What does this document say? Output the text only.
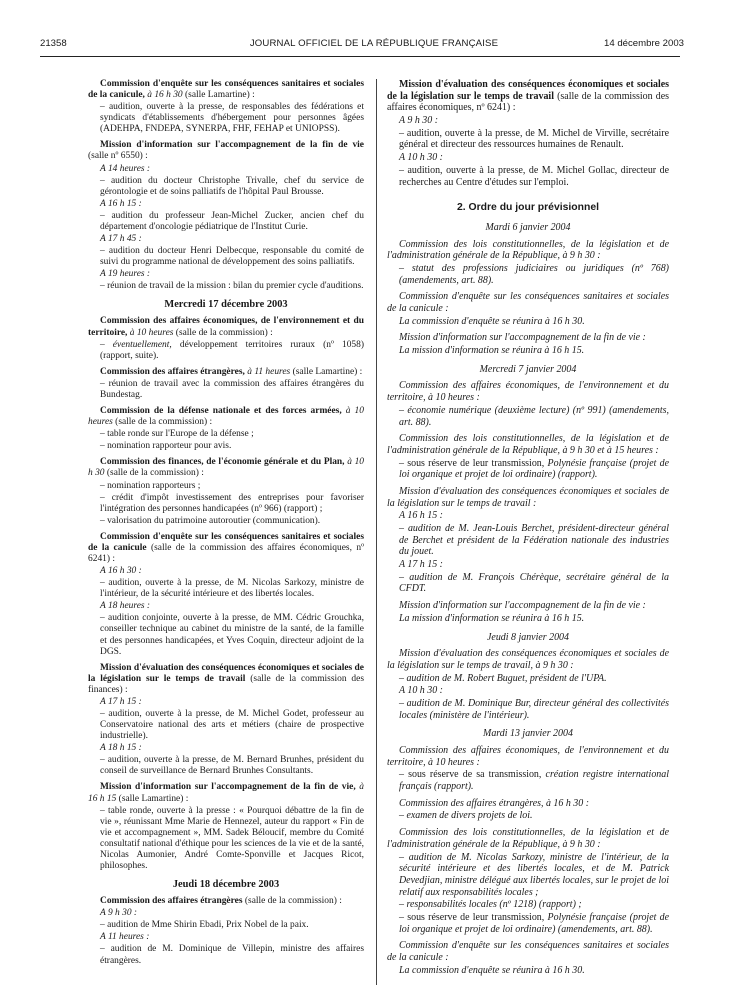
21358	JOURNAL OFFICIEL DE LA RÉPUBLIQUE FRANÇAISE	14 décembre 2003

Commission d'enquête sur les conséquences sanitaires et sociales de la canicule, à 16 h 30 (salle Lamartine) :

– audition, ouverte à la presse, de responsables des fédérations et syndicats d'établissements d'hébergement pour personnes âgées (ADEHPA, FNDEPA, SYNERPA, FHF, FEHAP et UNIOPSS).

Mission d'information sur l'accompagnement de la fin de vie (salle nº 6550) :

A 14 heures :

– audition du docteur Christophe Trivalle, chef du service de gérontologie et de soins palliatifs de l'hôpital Paul Brousse.

A 16 h 15 :

– audition du professeur Jean-Michel Zucker, ancien chef du département d'oncologie pédiatrique de l'Institut Curie.

A 17 h 45 :

– audition du docteur Henri Delbecque, responsable du comité de suivi du programme national de développement des soins palliatifs.

A 19 heures :

– réunion de travail de la mission : bilan du premier cycle d'auditions.

Mercredi 17 décembre 2003

Commission des affaires économiques, de l'environnement et du territoire, à 10 heures (salle de la commission) :

– éventuellement, développement territoires ruraux (nº 1058) (rapport, suite).

Commission des affaires étrangères, à 11 heures (salle Lamartine) :

– réunion de travail avec la commission des affaires étrangères du Bundestag.

Commission de la défense nationale et des forces armées, à 10 heures (salle de la commission) :

– table ronde sur l'Europe de la défense ;

– nomination rapporteur pour avis.

Commission des finances, de l'économie générale et du Plan, à 10 h 30 (salle de la commission) :

– nomination rapporteurs ;

– crédit d'impôt investissement des entreprises pour favoriser l'intégration des personnes handicapées (nº 966) (rapport) ;

– valorisation du patrimoine autoroutier (communication).

Commission d'enquête sur les conséquences sanitaires et sociales de la canicule (salle de la commission des affaires économiques, nº 6241) :

A 16 h 30 :

– audition, ouverte à la presse, de M. Nicolas Sarkozy, ministre de l'intérieur, de la sécurité intérieure et des libertés locales.

A 18 heures :

– audition conjointe, ouverte à la presse, de MM. Cédric Grouchka, conseiller technique au cabinet du ministre de la santé, de la famille et des personnes handicapées, et Yves Coquin, directeur adjoint de la DGS.

Mission d'évaluation des conséquences économiques et sociales de la législation sur le temps de travail (salle de la commission des finances) :

A 17 h 15 :

– audition, ouverte à la presse, de M. Michel Godet, professeur au Conservatoire national des arts et métiers (chaire de prospective industrielle).

A 18 h 15 :

– audition, ouverte à la presse, de M. Bernard Brunhes, président du conseil de surveillance de Bernard Brunhes Consultants.

Mission d'information sur l'accompagnement de la fin de vie, à 16 h 15 (salle Lamartine) :

– table ronde, ouverte à la presse : « Pourquoi débattre de la fin de vie », réunissant Mme Marie de Hennezel, auteur du rapport « Fin de vie et accompagnement », MM. Sadek Béloucif, membre du Comité consultatif national d'éthique pour les sciences de la vie et de la santé, Nicolas Aumonier, André Comte-Sponville et Jacques Ricot, philosophes.

Jeudi 18 décembre 2003

Commission des affaires étrangères (salle de la commission) :

A 9 h 30 :

– audition de Mme Shirin Ebadi, Prix Nobel de la paix.

A 11 heures :

– audition de M. Dominique de Villepin, ministre des affaires étrangères.

Mission d'évaluation des conséquences économiques et sociales de la législation sur le temps de travail (salle de la commission des affaires économiques, nº 6241) :

A 9 h 30 :

– audition, ouverte à la presse, de M. Michel de Virville, secrétaire général et directeur des ressources humaines de Renault.

A 10 h 30 :

– audition, ouverte à la presse, de M. Michel Gollac, directeur de recherches au Centre d'études sur l'emploi.

2. Ordre du jour prévisionnel

Mardi 6 janvier 2004

Commission des lois constitutionnelles, de la législation et de l'administration générale de la République, à 9 h 30 :

– statut des professions judiciaires ou juridiques (nº 768) (amendements, art. 88).

Commission d'enquête sur les conséquences sanitaires et sociales de la canicule :

La commission d'enquête se réunira à 16 h 30.

Mission d'information sur l'accompagnement de la fin de vie :

La mission d'information se réunira à 16 h 15.

Mercredi 7 janvier 2004

Commission des affaires économiques, de l'environnement et du territoire, à 10 heures :

– économie numérique (deuxième lecture) (nº 991) (amendements, art. 88).

Commission des lois constitutionnelles, de la législation et de l'administration générale de la République, à 9 h 30 et à 15 heures :

– sous réserve de leur transmission, Polynésie française (projet de loi organique et projet de loi ordinaire) (rapport).

Mission d'évaluation des conséquences économiques et sociales de la législation sur le temps de travail :

A 16 h 15 :

– audition de M. Jean-Louis Berchet, président-directeur général de Berchet et président de la Fédération nationale des industries du jouet.

A 17 h 15 :

– audition de M. François Chérèque, secrétaire général de la CFDT.

Mission d'information sur l'accompagnement de la fin de vie :

La mission d'information se réunira à 16 h 15.

Jeudi 8 janvier 2004

Mission d'évaluation des conséquences économiques et sociales de la législation sur le temps de travail, à 9 h 30 :

– audition de M. Robert Buguet, président de l'UPA.

A 10 h 30 :

– audition de M. Dominique Bur, directeur général des collectivités locales (ministère de l'intérieur).

Mardi 13 janvier 2004

Commission des affaires économiques, de l'environnement et du territoire, à 10 heures :

– sous réserve de sa transmission, création registre international français (rapport).

Commission des affaires étrangères, à 16 h 30 :

– examen de divers projets de loi.

Commission des lois constitutionnelles, de la législation et de l'administration générale de la République, à 9 h 30 :

– audition de M. Nicolas Sarkozy, ministre de l'intérieur, de la sécurité intérieure et des libertés locales, et de M. Patrick Devedjian, ministre délégué aux libertés locales, sur le projet de loi relatif aux responsabilités locales ;

– responsabilités locales (nº 1218) (rapport) ;

– sous réserve de leur transmission, Polynésie française (projet de loi organique et projet de loi ordinaire) (amendements, art. 88).

Commission d'enquête sur les conséquences sanitaires et sociales de la canicule :

La commission d'enquête se réunira à 16 h 30.
